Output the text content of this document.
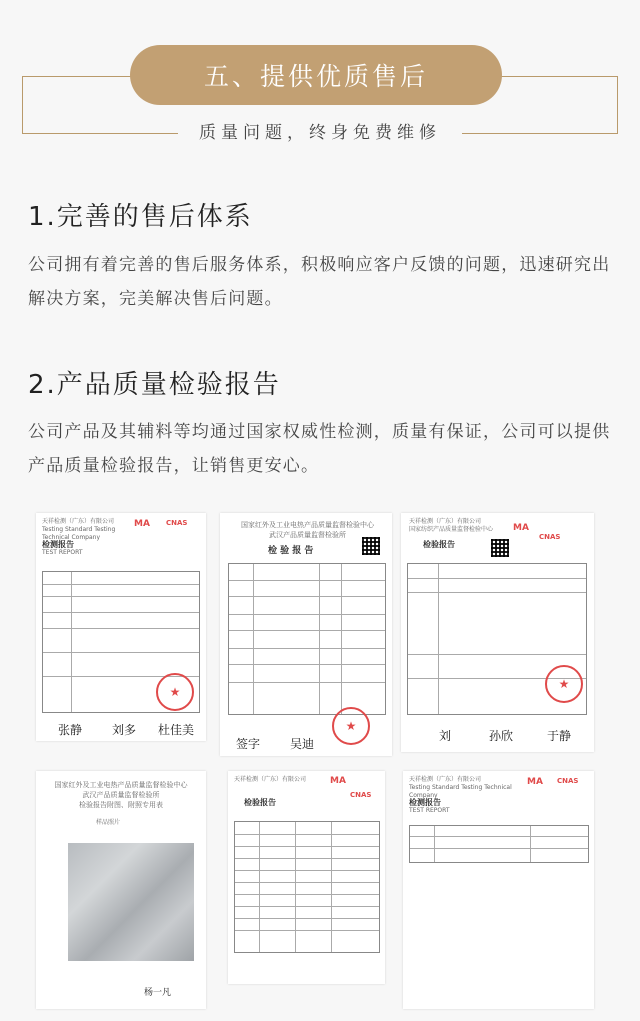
五、提供优质售后
质量问题，终身免费维修
1.完善的售后体系

公司拥有着完善的售后服务体系，积极响应客户反馈的问题，迅速研究出解决方案，完美解决售后问题。

2.产品质量检验报告

公司产品及其辅料等均通过国家权威性检测，质量有保证，公司可以提供产品质量检验报告，让销售更安心。

天祥检测（广东）有限公司
Testing Standard Testing Technical Company
MA CNAS
检测报告
TEST REPORT
★
张静 刘多 杜佳美
国家红外及工业电热产品质量监督检验中心
武汉产品质量监督检验所
检 验 报 告
★
签字 吴迪
天祥检测（广东）有限公司
国家纺织产品质量监督检验中心	MA
CNAS
检验报告
★
刘	孙欣	于静
国家红外及工业电热产品质量监督检验中心
武汉产品质量监督检验所
检验报告附图、附照专用表
样品照片
杨一凡
天祥检测（广东）有限公司	MA
CNAS
检验报告
天祥检测（广东）有限公司
Testing Standard Testing Technical Company
MA CNAS
检测报告
TEST REPORT
